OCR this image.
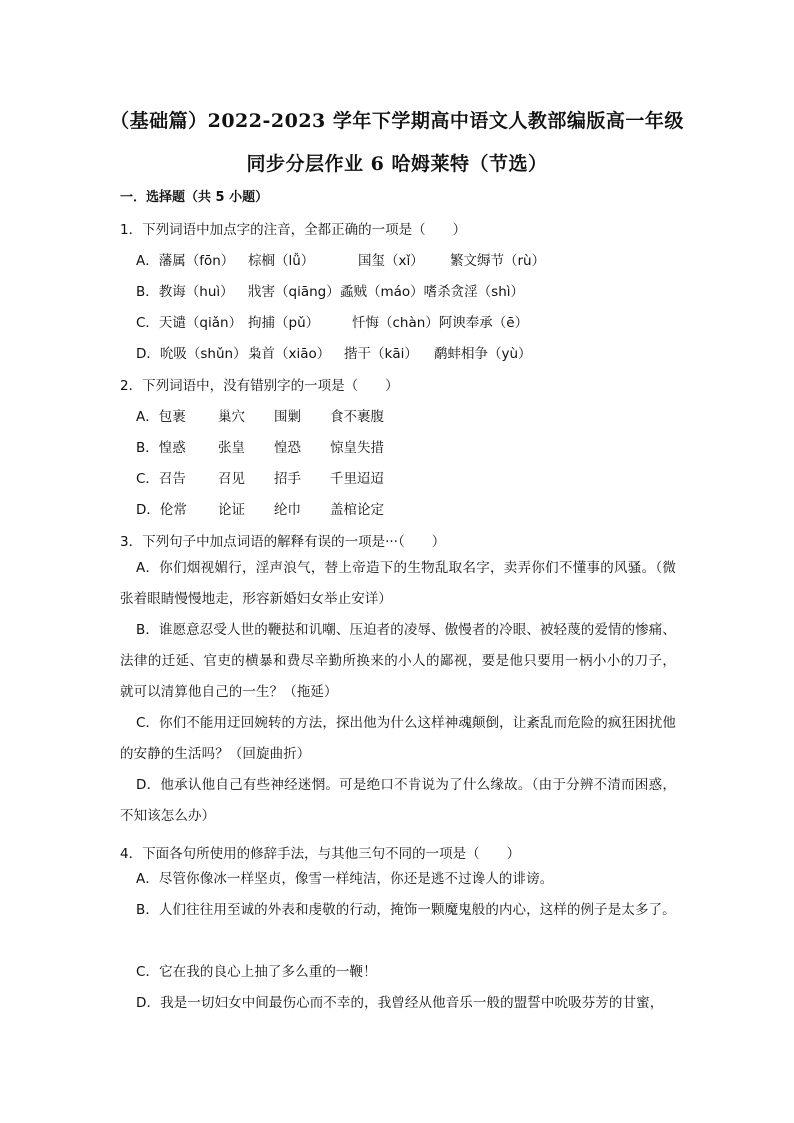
（基础篇）2022-2023 学年下学期高中语文人教部编版高一年级
同步分层作业 6 哈姆莱特（节选）
一．选择题（共 5 小题）
1．下列词语中加点字的注音，全都正确的一项是（　　）
A．藩属（fōn） 棕榈（lǚ）	国玺（xǐ） 繁文缛节（rù）
B．教诲（huì） 戕害（qiāng）蟊贼（máo）嗜杀贪淫（shì）
C．天谴（qiǎn） 拘捕（pǔ） 忏悔（chàn）阿谀奉承（ē）
D．吮吸（shǔn）枭首（xiāo） 揩干（kāi） 鹬蚌相争（yù）
2．下列词语中，没有错别字的一项是（　　）
A．包裹 巢穴 围剿 食不裹腹
B．惶惑 张皇 惶恐 惊皇失措
C．召告 召见 招手 千里迢迢
D．伦常 论证 纶巾 盖棺论定
3．下列句子中加点词语的解释有误的一项是···（　　）
A．你们烟视媚行，淫声浪气，替上帝造下的生物乱取名字，卖弄你们不懂事的风骚。（微张着眼睛慢慢地走，形容新婚妇女举止安详）
B．谁愿意忍受人世的鞭挞和讥嘲、压迫者的凌辱、傲慢者的冷眼、被轻蔑的爱情的惨痛、法律的迁延、官吏的横暴和费尽辛勤所换来的小人的鄙视，要是他只要用一柄小小的刀子，就可以清算他自己的一生？（拖延）
C．你们不能用迂回婉转的方法，探出他为什么这样神魂颠倒，让紊乱而危险的疯狂困扰他的安静的生活吗？（回旋曲折）
D．他承认他自己有些神经迷惘。可是绝口不肯说为了什么缘故。（由于分辨不清而困惑，不知该怎么办）
4．下面各句所使用的修辞手法，与其他三句不同的一项是（　　）
A．尽管你像冰一样坚贞，像雪一样纯洁，你还是逃不过谗人的诽谤。
B．人们往往用至诚的外表和虔敬的行动，掩饰一颗魔鬼般的内心，这样的例子是太多了。
C．它在我的良心上抽了多么重的一鞭！
D．我是一切妇女中间最伤心而不幸的，我曾经从他音乐一般的盟誓中吮吸芬芳的甘蜜，
